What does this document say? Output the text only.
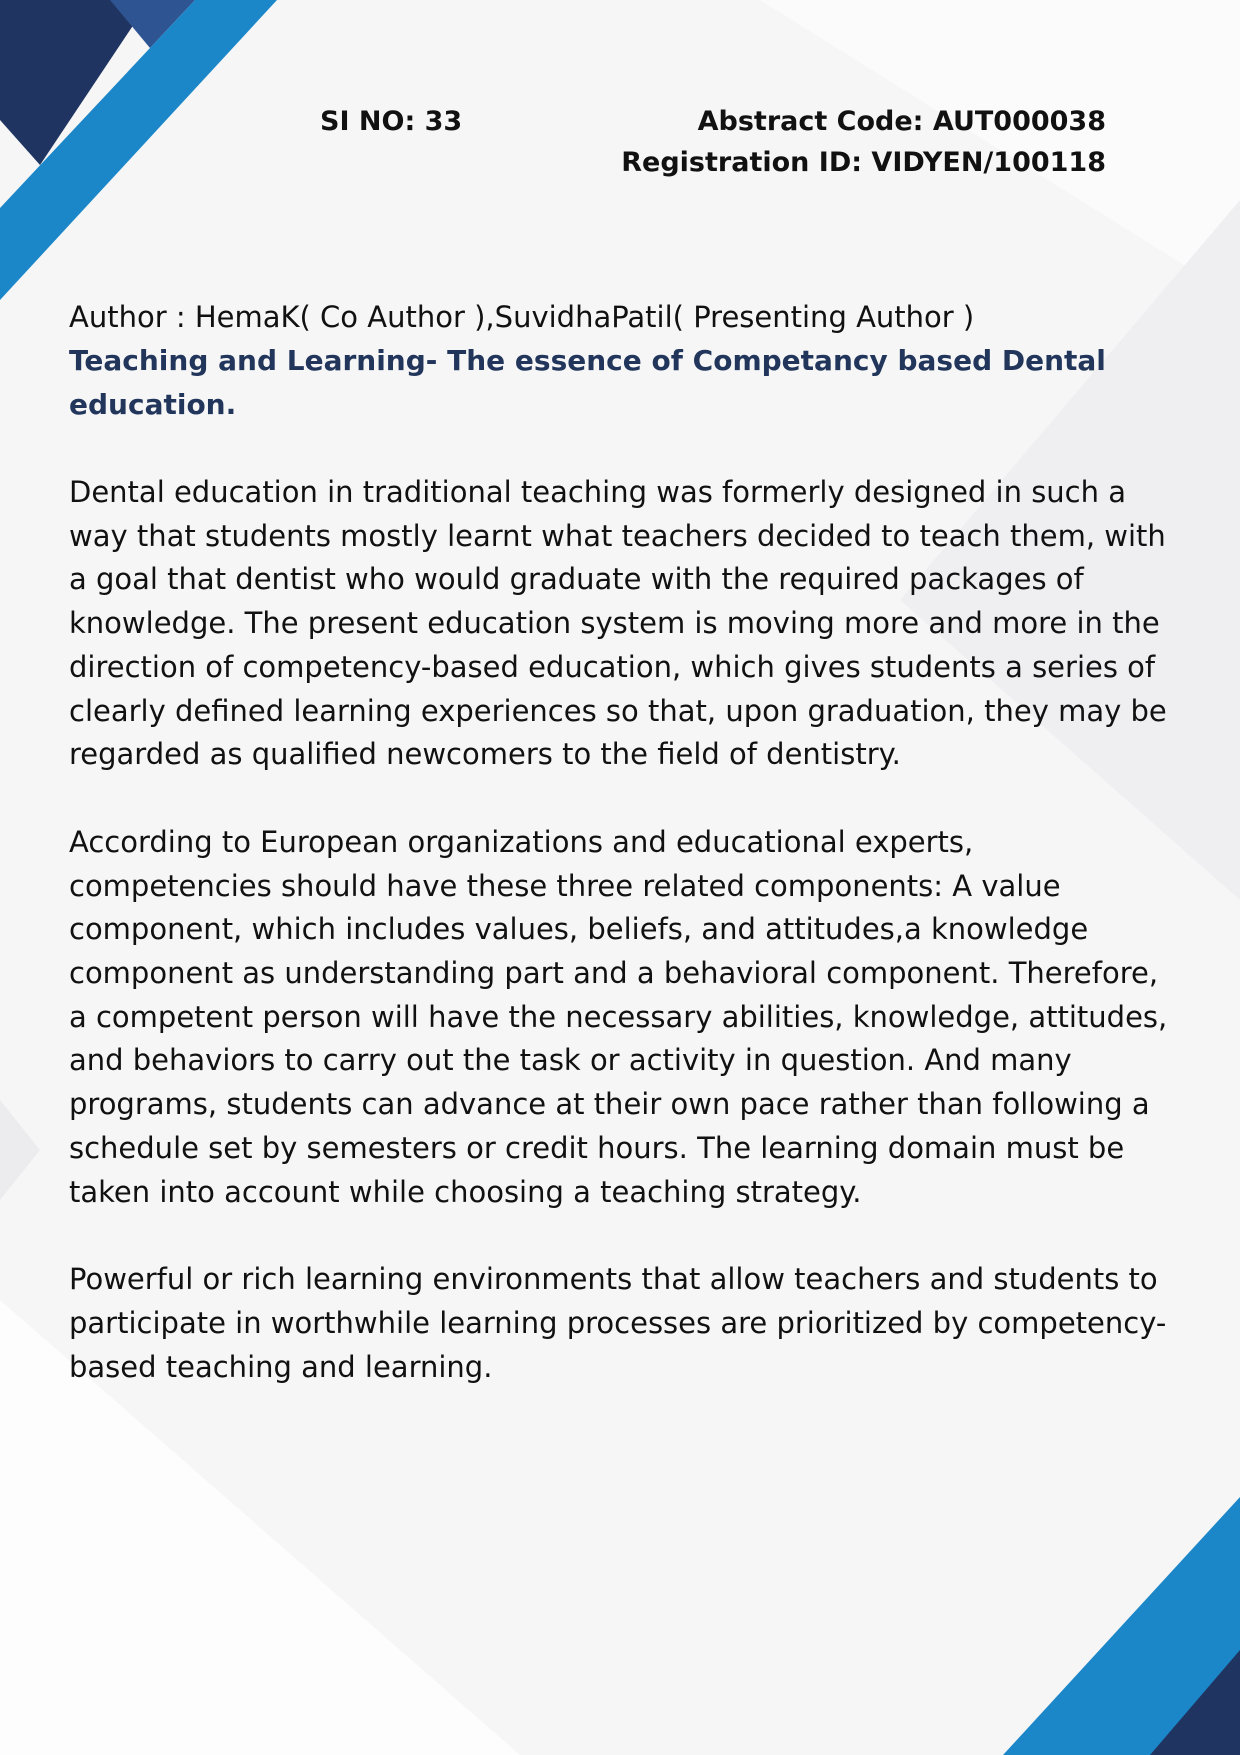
SI NO: 33	Abstract Code: AUT000038
Registration ID: VIDYEN/100118
Author : HemaK( Co Author ),SuvidhaPatil( Presenting Author )
Teaching and Learning- The essence of Competancy based Dental education.

Dental education in traditional teaching was formerly designed in such a way that students mostly learnt what teachers decided to teach them, with a goal that dentist who would graduate with the required packages of knowledge. The present education system is moving more and more in the direction of competency-based education, which gives students a series of clearly defined learning experiences so that, upon graduation, they may be regarded as qualified newcomers to the field of dentistry.

According to European organizations and educational experts, competencies should have these three related components: A value component, which includes values, beliefs, and attitudes,a knowledge component as understanding part and a behavioral component. Therefore, a competent person will have the necessary abilities, knowledge, attitudes, and behaviors to carry out the task or activity in question. And many programs, students can advance at their own pace rather than following a schedule set by semesters or credit hours. The learning domain must be taken into account while choosing a teaching strategy.

Powerful or rich learning environments that allow teachers and students to participate in worthwhile learning processes are prioritized by competency-based teaching and learning.
